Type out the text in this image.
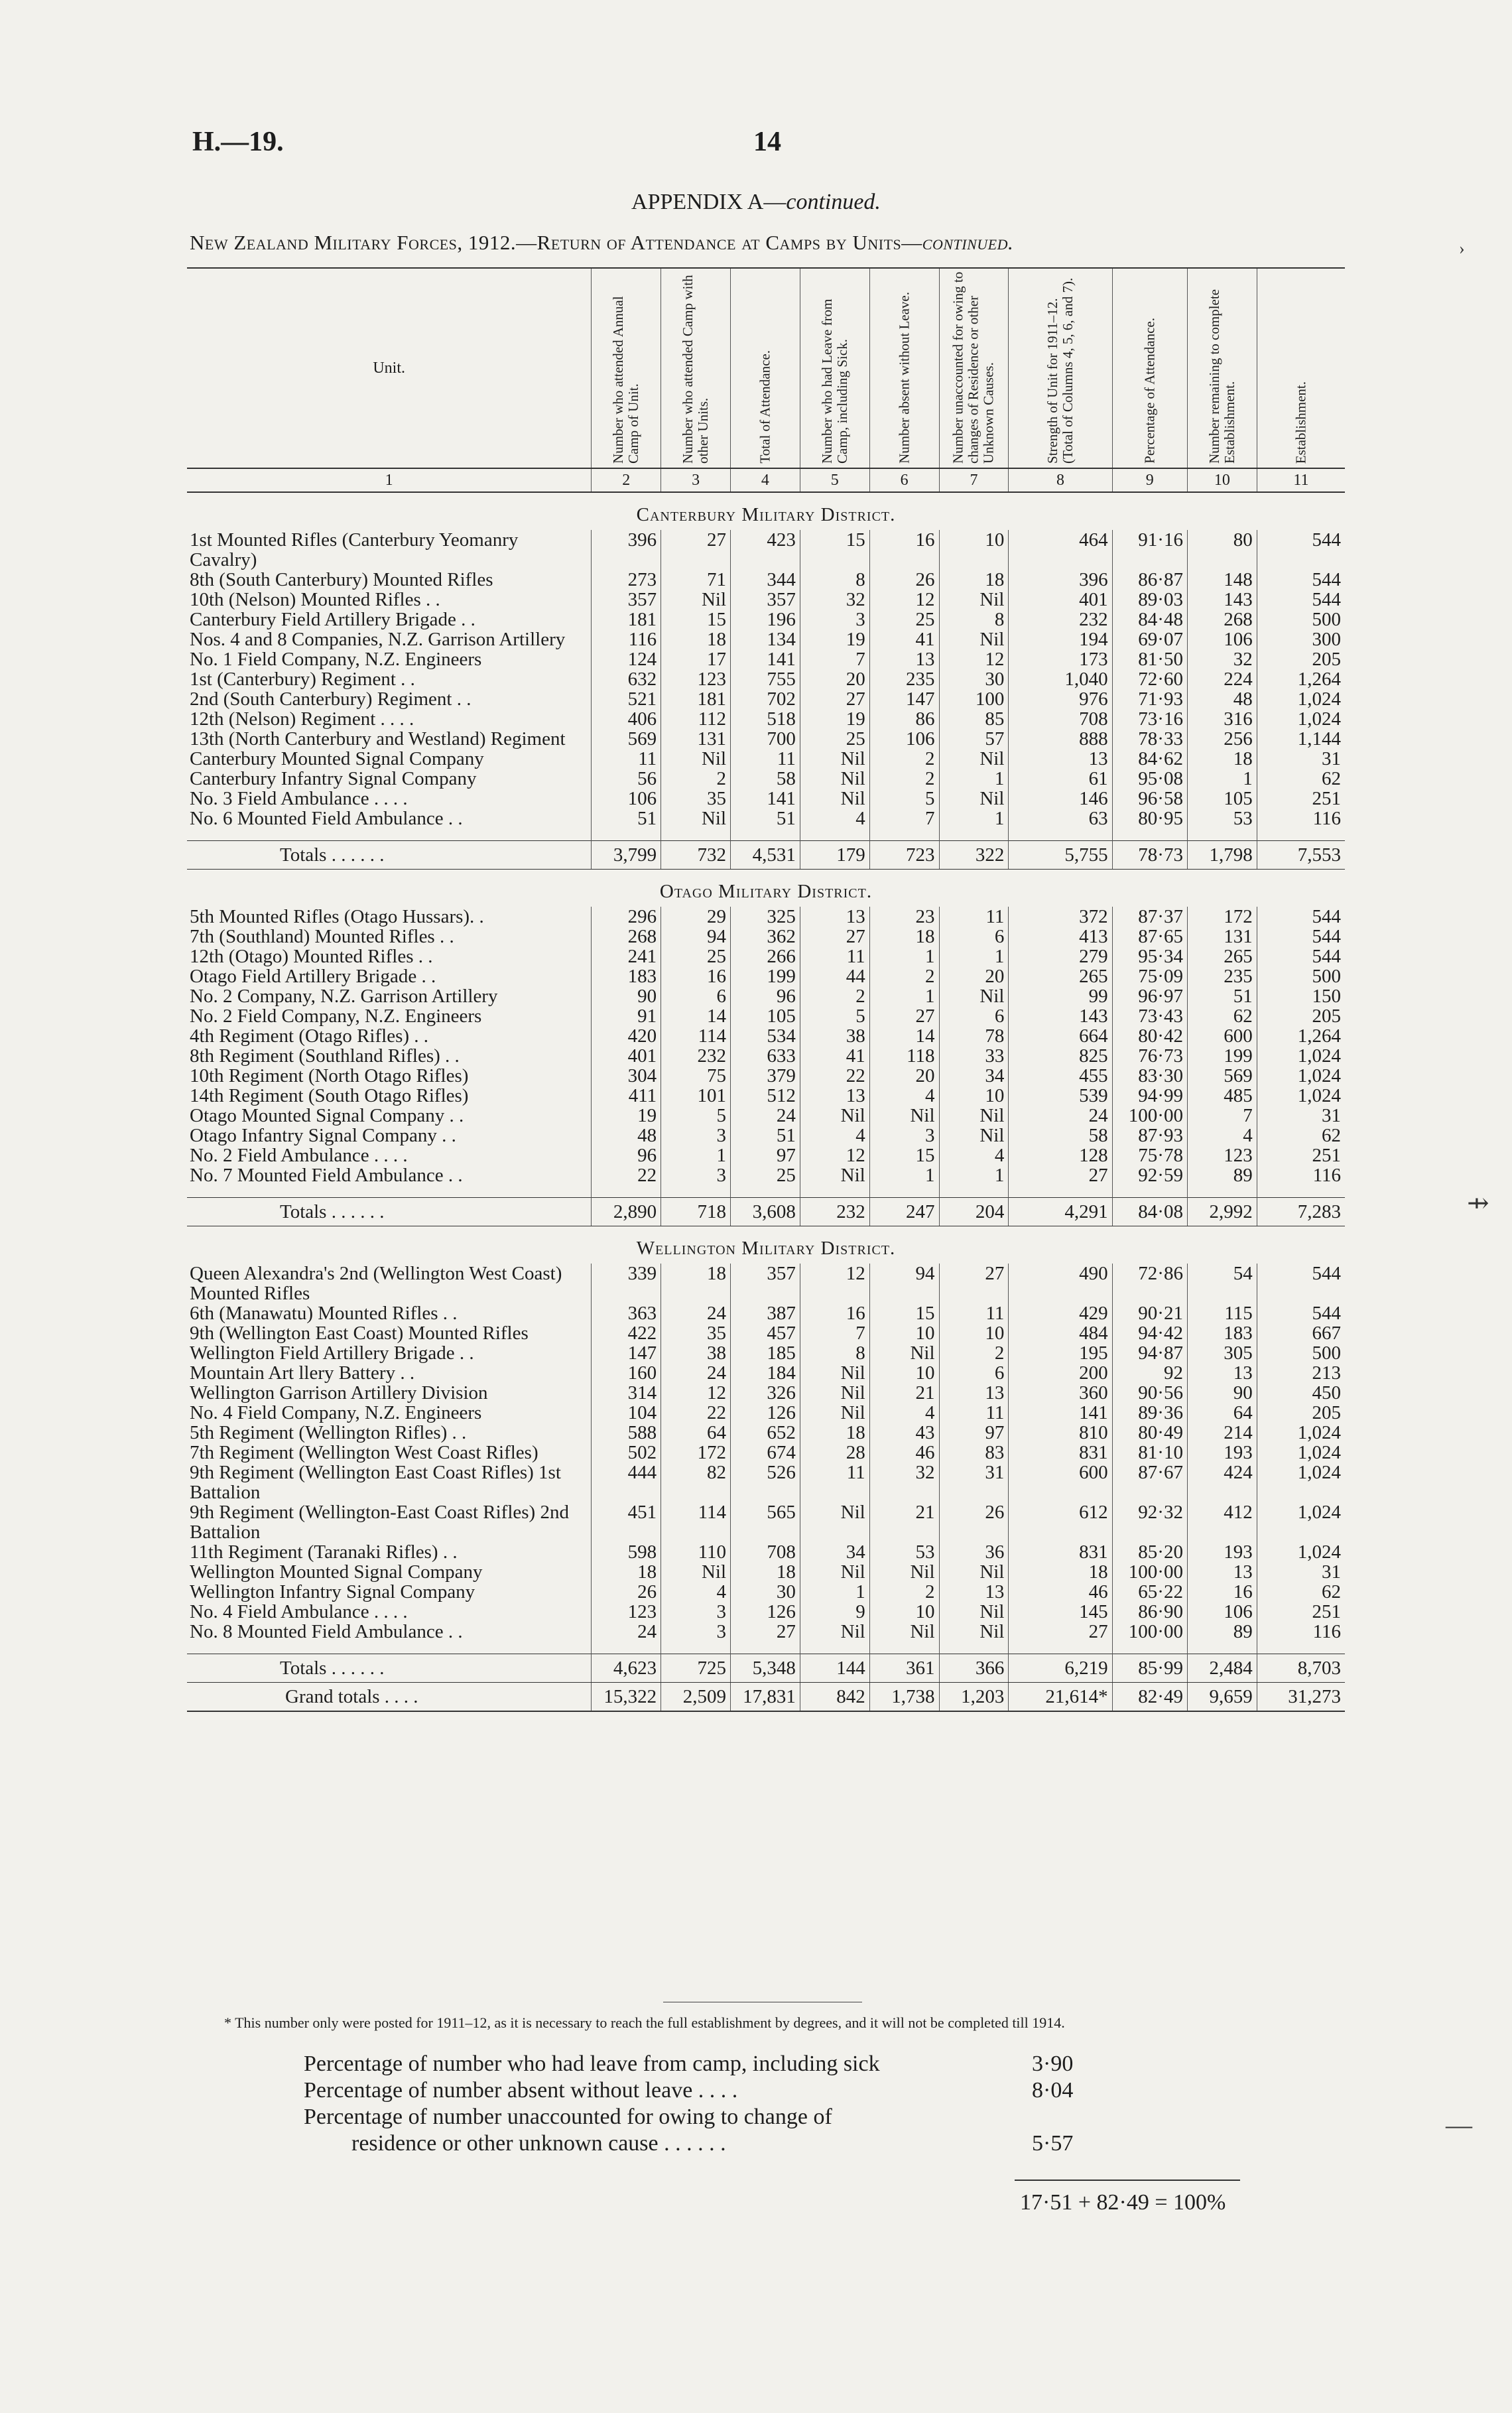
H.—19.	14
APPENDIX A—continued.
New Zealand Military Forces, 1912.—Return of Attendance at Camps by Units—continued.
Unit.	Number who attended Annual Camp of Unit.	Number who attended Camp with other Units.	Total of Attendance.	Number who had Leave from Camp, including Sick.	Number absent without Leave.	Number unaccounted for owing to changes of Residence or other Unknown Causes.	Strength of Unit for 1911–12. (Total of Columns 4, 5, 6, and 7).	Percentage of Attendance.	Number remaining to complete Establishment.	Establishment.

1	2	3	4	5	6	7	8	9	10	11
Canterbury Military District.										
1st Mounted Rifles (Canterbury Yeomanry Cavalry)	396	27	423	15	16	10	464	91·16	80	544
8th (South Canterbury) Mounted Rifles	273	71	344	8	26	18	396	86·87	148	544
10th (Nelson) Mounted Rifles . .	357	Nil	357	32	12	Nil	401	89·03	143	544
Canterbury Field Artillery Brigade . .	181	15	196	3	25	8	232	84·48	268	500
Nos. 4 and 8 Companies, N.Z. Garrison Artillery	116	18	134	19	41	Nil	194	69·07	106	300
No. 1 Field Company, N.Z. Engineers	124	17	141	7	13	12	173	81·50	32	205
1st (Canterbury) Regiment . .	632	123	755	20	235	30	1,040	72·60	224	1,264
2nd (South Canterbury) Regiment . .	521	181	702	27	147	100	976	71·93	48	1,024
12th (Nelson) Regiment . . . .	406	112	518	19	86	85	708	73·16	316	1,024
13th (North Canterbury and Westland) Regiment	569	131	700	25	106	57	888	78·33	256	1,144
Canterbury Mounted Signal Company	11	Nil	11	Nil	2	Nil	13	84·62	18	31
Canterbury Infantry Signal Company	56	2	58	Nil	2	1	61	95·08	1	62
No. 3 Field Ambulance . . . .	106	35	141	Nil	5	Nil	146	96·58	105	251
No. 6 Mounted Field Ambulance . .	51	Nil	51	4	7	1	63	80·95	53	116

Totals . . . . . .	3,799	732	4,531	179	723	322	5,755	78·73	1,798	7,553
Otago Military District.										
5th Mounted Rifles (Otago Hussars). .	296	29	325	13	23	11	372	87·37	172	544
7th (Southland) Mounted Rifles . .	268	94	362	27	18	6	413	87·65	131	544
12th (Otago) Mounted Rifles . .	241	25	266	11	1	1	279	95·34	265	544
Otago Field Artillery Brigade . .	183	16	199	44	2	20	265	75·09	235	500
No. 2 Company, N.Z. Garrison Artillery	90	6	96	2	1	Nil	99	96·97	51	150
No. 2 Field Company, N.Z. Engineers	91	14	105	5	27	6	143	73·43	62	205
4th Regiment (Otago Rifles) . .	420	114	534	38	14	78	664	80·42	600	1,264
8th Regiment (Southland Rifles) . .	401	232	633	41	118	33	825	76·73	199	1,024
10th Regiment (North Otago Rifles)	304	75	379	22	20	34	455	83·30	569	1,024
14th Regiment (South Otago Rifles)	411	101	512	13	4	10	539	94·99	485	1,024
Otago Mounted Signal Company . .	19	5	24	Nil	Nil	Nil	24	100·00	7	31
Otago Infantry Signal Company . .	48	3	51	4	3	Nil	58	87·93	4	62
No. 2 Field Ambulance . . . .	96	1	97	12	15	4	128	75·78	123	251
No. 7 Mounted Field Ambulance . .	22	3	25	Nil	1	1	27	92·59	89	116

Totals . . . . . .	2,890	718	3,608	232	247	204	4,291	84·08	2,992	7,283
Wellington Military District.										
Queen Alexandra's 2nd (Wellington West Coast) Mounted Rifles	339	18	357	12	94	27	490	72·86	54	544
6th (Manawatu) Mounted Rifles . .	363	24	387	16	15	11	429	90·21	115	544
9th (Wellington East Coast) Mounted Rifles	422	35	457	7	10	10	484	94·42	183	667
Wellington Field Artillery Brigade . .	147	38	185	8	Nil	2	195	94·87	305	500
Mountain Art llery Battery . .	160	24	184	Nil	10	6	200	92	13	213
Wellington Garrison Artillery Division	314	12	326	Nil	21	13	360	90·56	90	450
No. 4 Field Company, N.Z. Engineers	104	22	126	Nil	4	11	141	89·36	64	205
5th Regiment (Wellington Rifles) . .	588	64	652	18	43	97	810	80·49	214	1,024
7th Regiment (Wellington West Coast Rifles)	502	172	674	28	46	83	831	81·10	193	1,024
9th Regiment (Wellington East Coast Rifles) 1st Battalion	444	82	526	11	32	31	600	87·67	424	1,024
9th Regiment (Wellington-East Coast Rifles) 2nd Battalion	451	114	565	Nil	21	26	612	92·32	412	1,024
11th Regiment (Taranaki Rifles) . .	598	110	708	34	53	36	831	85·20	193	1,024
Wellington Mounted Signal Company	18	Nil	18	Nil	Nil	Nil	18	100·00	13	31
Wellington Infantry Signal Company	26	4	30	1	2	13	46	65·22	16	62
No. 4 Field Ambulance . . . .	123	3	126	9	10	Nil	145	86·90	106	251
No. 8 Mounted Field Ambulance . .	24	3	27	Nil	Nil	Nil	27	100·00	89	116

Totals . . . . . .	4,623	725	5,348	144	361	366	6,219	85·99	2,484	8,703
Grand totals . . . .	15,322	2,509	17,831	842	1,738	1,203	21,614*	82·49	9,659	31,273
* This number only were posted for 1911–12, as it is necessary to reach the full establishment by degrees, and it will not be completed till 1914.
Percentage of number who had leave from camp, including sick	3·90
Percentage of number absent without leave . . . .	8·04
Percentage of number unaccounted for owing to change of
residence or other unknown cause . . . . . .	5·57
17·51 + 82·49 = 100%
›
⇸
―
